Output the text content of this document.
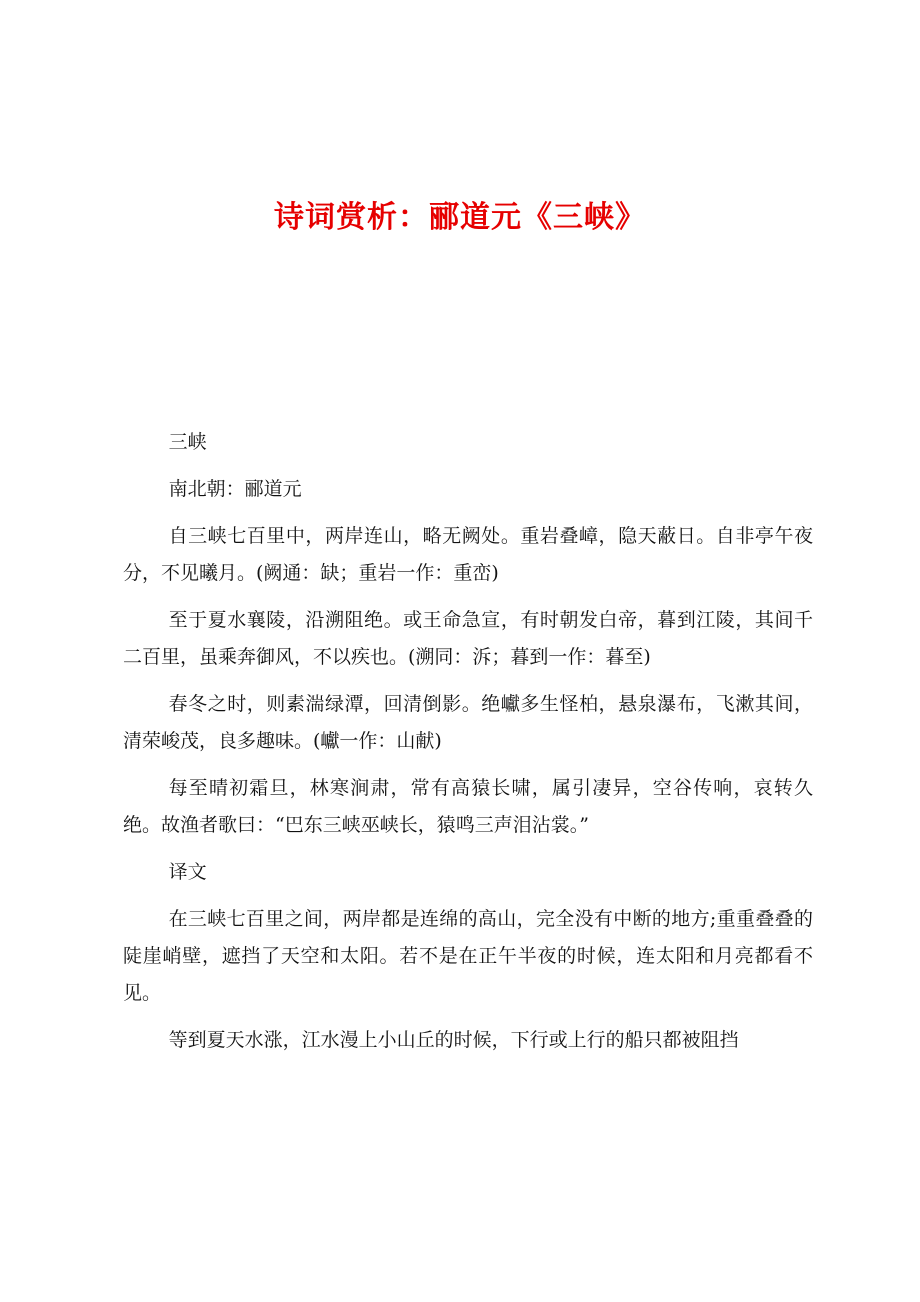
诗词赏析：郦道元《三峡》

三峡

南北朝：郦道元

自三峡七百里中，两岸连山，略无阙处。重岩叠嶂，隐天蔽日。自非亭午夜分，不见曦月。(阙通：缺；重岩一作：重峦)

至于夏水襄陵，沿溯阻绝。或王命急宣，有时朝发白帝，暮到江陵，其间千二百里，虽乘奔御风，不以疾也。(溯同：泝；暮到一作：暮至)

春冬之时，则素湍绿潭，回清倒影。绝巘多生怪柏，悬泉瀑布，飞漱其间，清荣峻茂，良多趣味。(巘一作：山献)

每至晴初霜旦，林寒涧肃，常有高猿长啸，属引凄异，空谷传响，哀转久绝。故渔者歌曰：“巴东三峡巫峡长，猿鸣三声泪沾裳。”

译文

在三峡七百里之间，两岸都是连绵的高山，完全没有中断的地方;重重叠叠的陡崖峭壁，遮挡了天空和太阳。若不是在正午半夜的时候，连太阳和月亮都看不见。

等到夏天水涨，江水漫上小山丘的时候，下行或上行的船只都被阻挡
